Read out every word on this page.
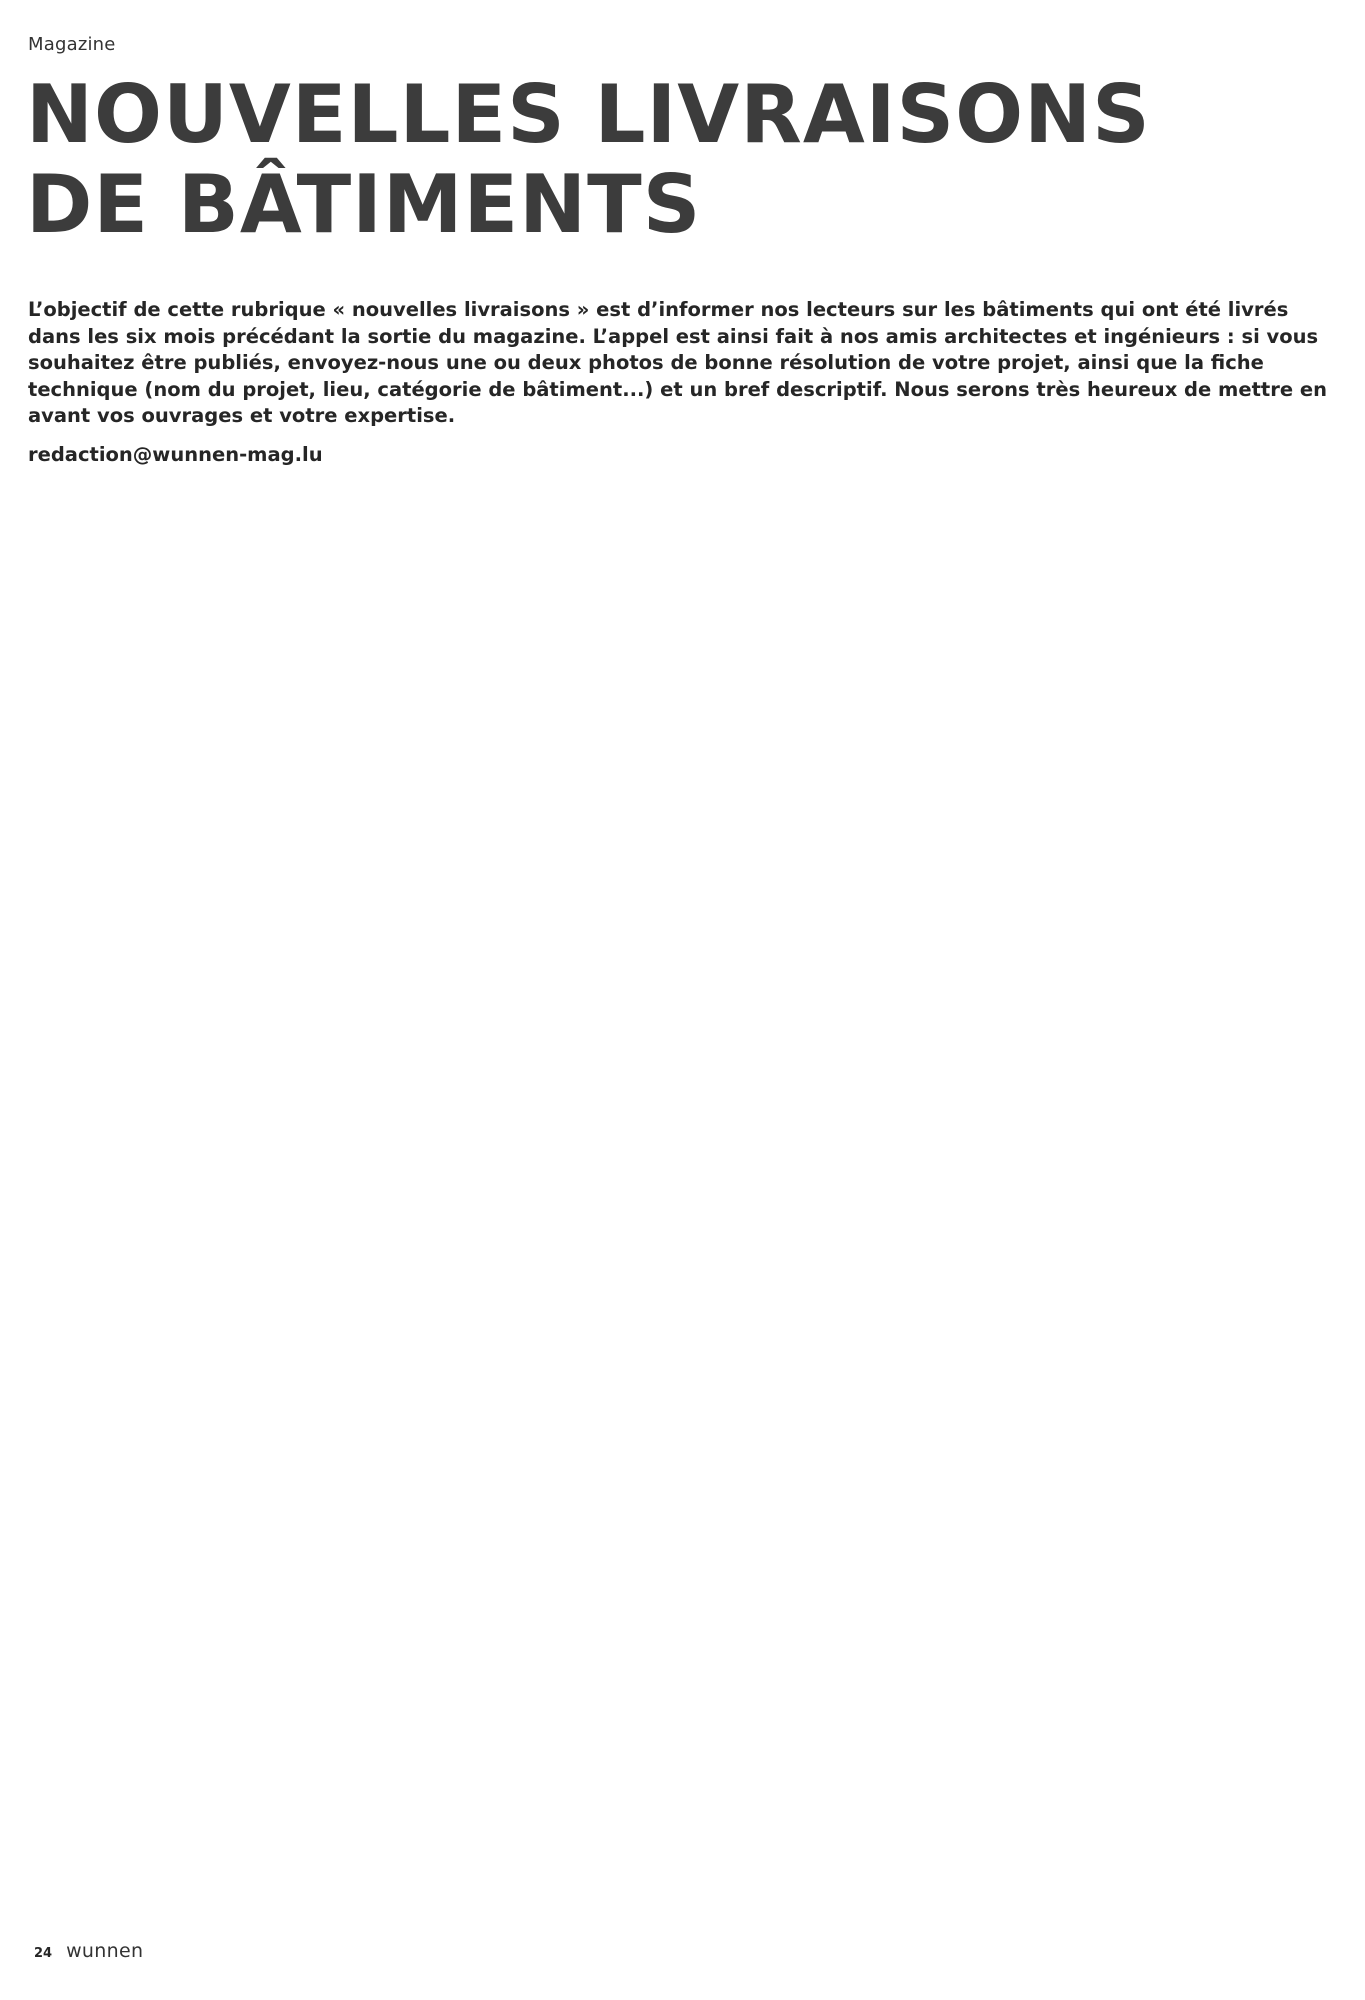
Magazine
NOUVELLES LIVRAISONS
DE BÂTIMENTS

L’objectif de cette rubrique « nouvelles livraisons » est d’informer nos lecteurs sur les bâtiments qui ont été livrés
dans les six mois précédant la sortie du magazine. L’appel est ainsi fait à nos amis architectes et ingénieurs : si vous
souhaitez être publiés, envoyez-nous une ou deux photos de bonne résolution de votre projet, ainsi que la fiche
technique (nom du projet, lieu, catégorie de bâtiment...) et un bref descriptif. Nous serons très heureux de mettre en
avant vos ouvrages et votre expertise.

redaction@wunnen-mag.lu

24 wunnen
